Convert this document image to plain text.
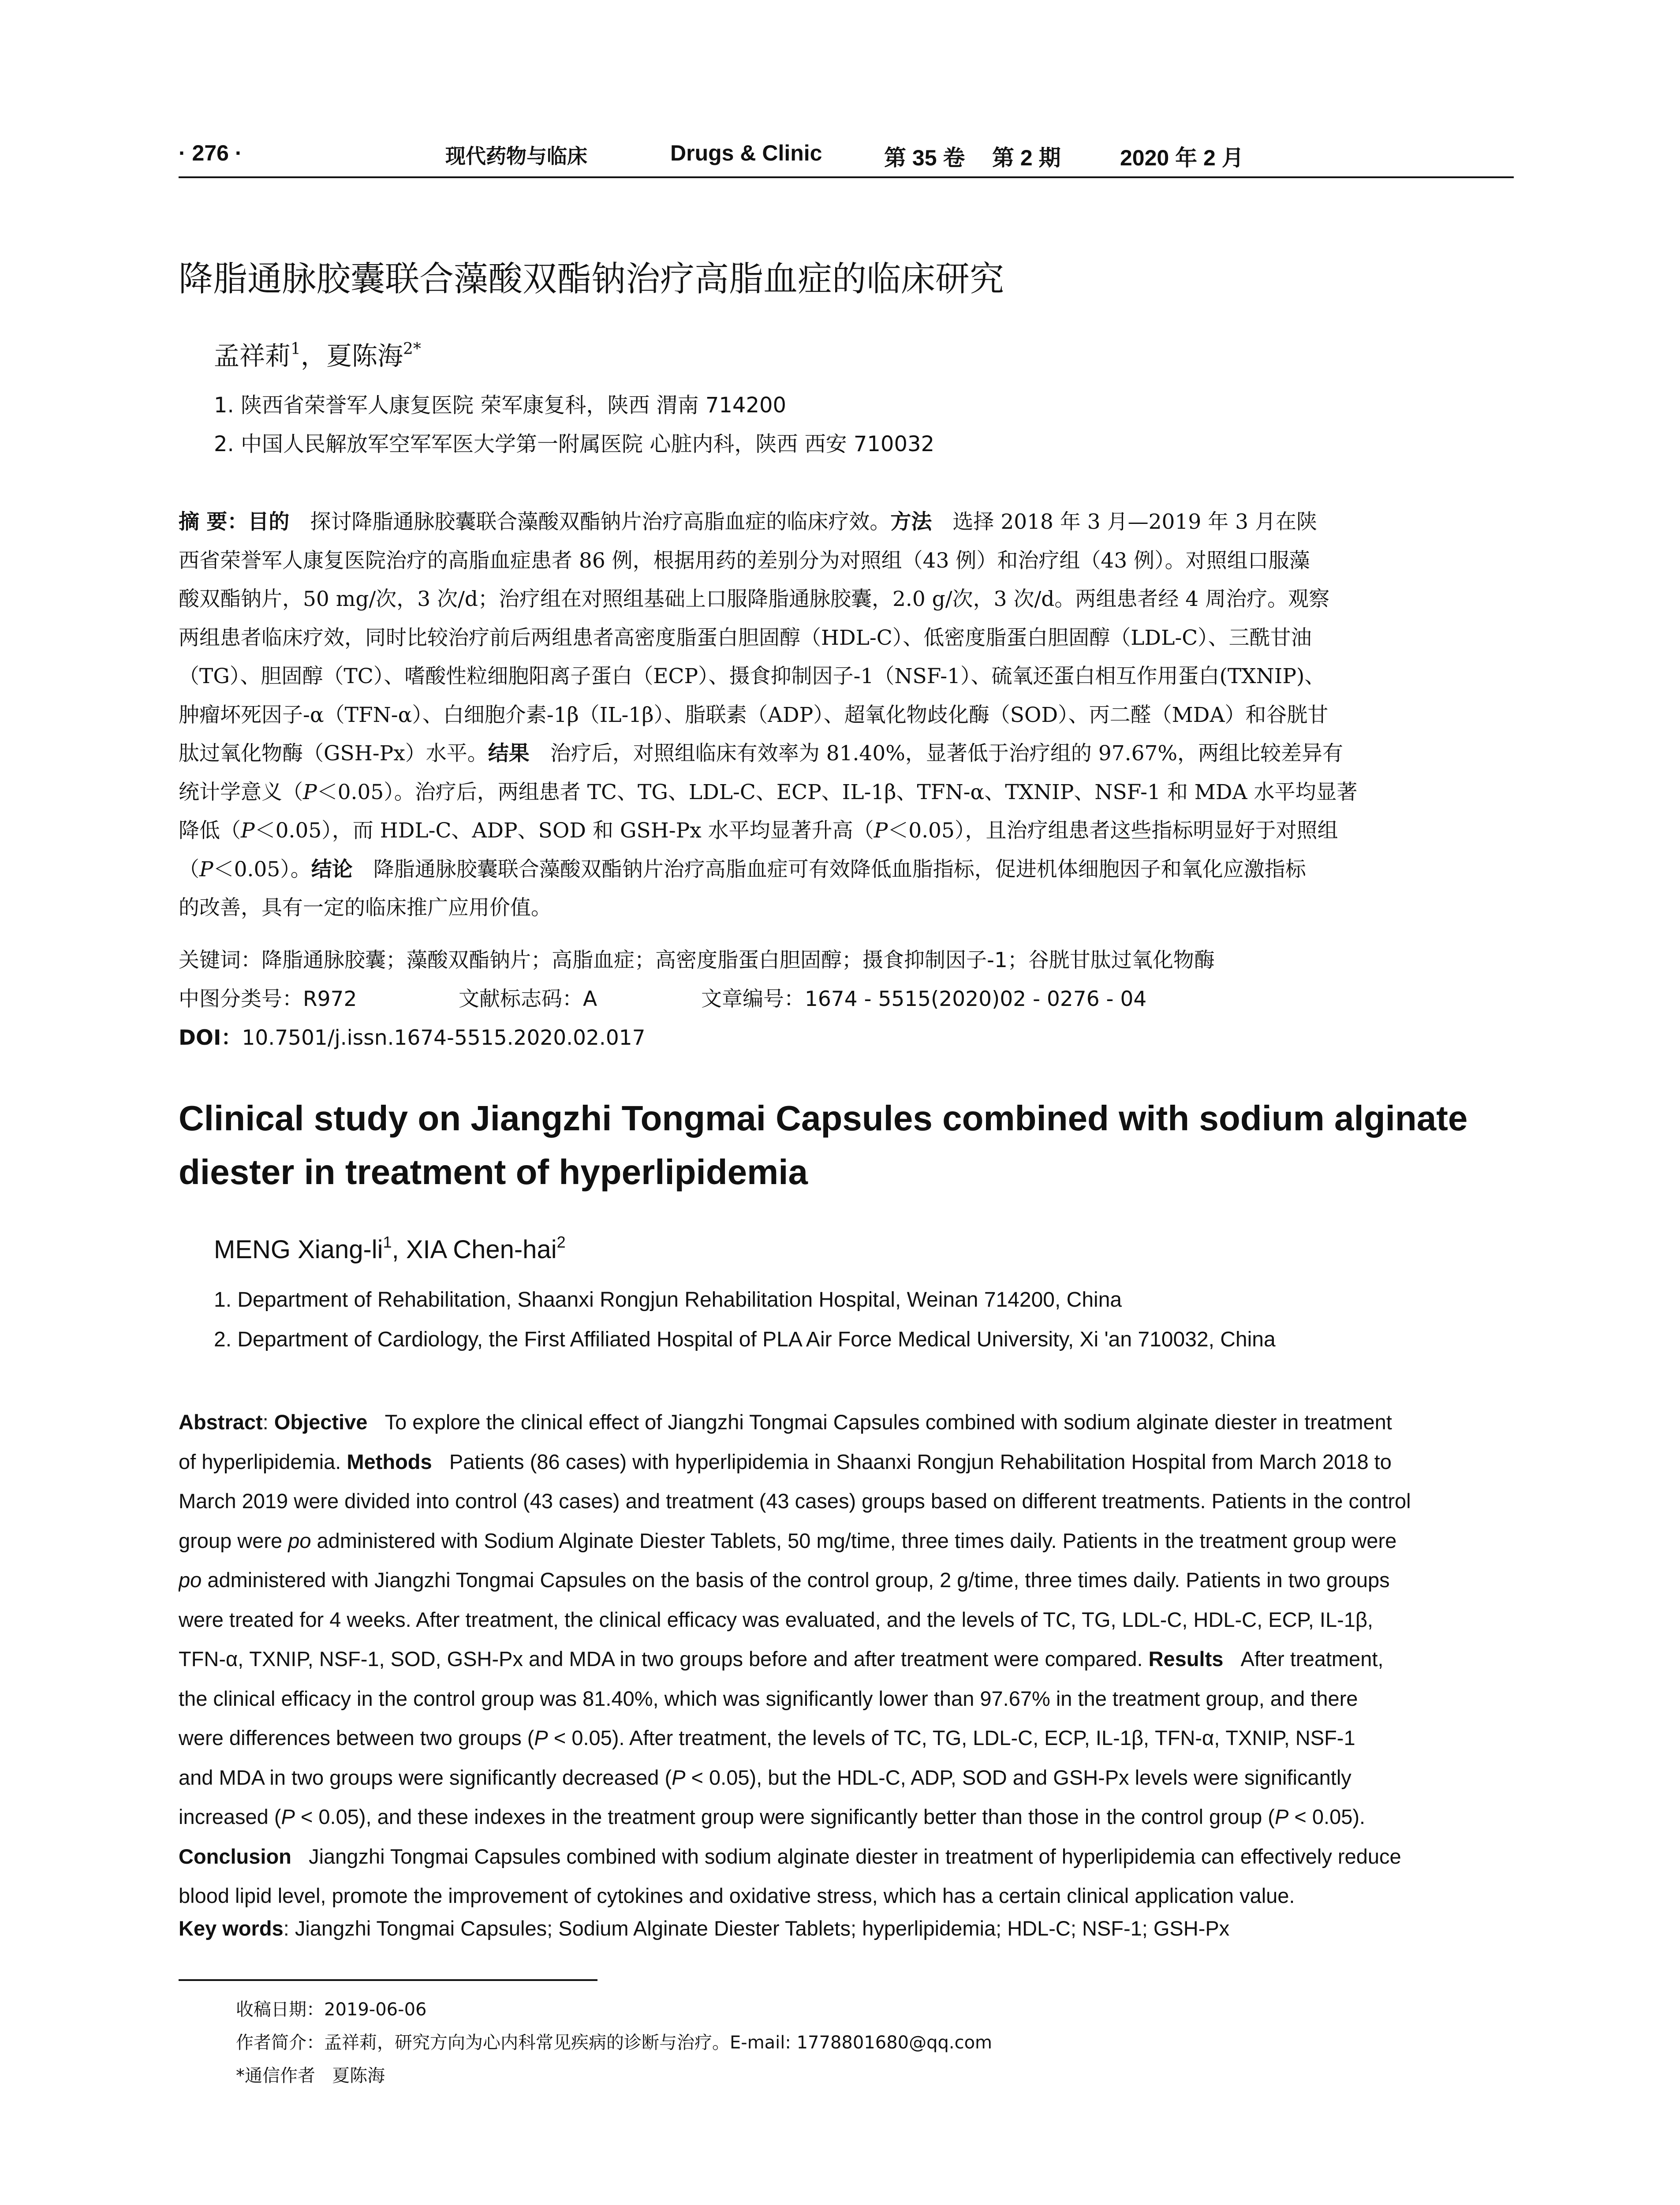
· 276 ·	现代药物与临床	Drugs & Clinic	第 35 卷 第 2 期	2020 年 2 月
降脂通脉胶囊联合藻酸双酯钠治疗高脂血症的临床研究
孟祥莉$^1$，夏陈海$^{2*}$
1. 陕西省荣誉军人康复医院 荣军康复科，陕西 渭南 714200
2. 中国人民解放军空军军医大学第一附属医院 心脏内科，陕西 西安 710032
摘 要：目的　 探讨降脂通脉胶囊联合藻酸双酯钠片治疗高脂血症的临床疗效。方法　 选择 2018 年 3 月—2019 年 3 月在陕
西省荣誉军人康复医院治疗的高脂血症患者 86 例，根据用药的差别分为对照组（43 例）和治疗组（43 例）。对照组口服藻
酸双酯钠片，50 mg/次，3 次/d；治疗组在对照组基础上口服降脂通脉胶囊，2.0 g/次，3 次/d。两组患者经 4 周治疗。观察
两组患者临床疗效，同时比较治疗前后两组患者高密度脂蛋白胆固醇（HDL-C）、低密度脂蛋白胆固醇（LDL-C）、三酰甘油
（TG）、胆固醇（TC）、嗜酸性粒细胞阳离子蛋白（ECP）、摄食抑制因子-1（NSF-1）、硫氧还蛋白相互作用蛋白(TXNIP)、
肿瘤坏死因子-α（TFN-α）、白细胞介素-1β（IL-1β）、脂联素（ADP）、超氧化物歧化酶（SOD）、丙二醛（MDA）和谷胱甘
肽过氧化物酶（GSH-Px）水平。结果　 治疗后，对照组临床有效率为 81.40%，显著低于治疗组的 97.67%，两组比较差异有
统计学意义（P＜0.05）。治疗后，两组患者 TC、TG、LDL-C、ECP、IL-1β、TFN-α、TXNIP、NSF-1 和 MDA 水平均显著
降低（P＜0.05），而 HDL-C、ADP、SOD 和 GSH-Px 水平均显著升高（P＜0.05），且治疗组患者这些指标明显好于对照组
（P＜0.05）。结论　 降脂通脉胶囊联合藻酸双酯钠片治疗高脂血症可有效降低血脂指标，促进机体细胞因子和氧化应激指标
的改善，具有一定的临床推广应用价值。
关键词：降脂通脉胶囊；藻酸双酯钠片；高脂血症；高密度脂蛋白胆固醇；摄食抑制因子-1；谷胱甘肽过氧化物酶
中图分类号：R972	文献标志码：A	文章编号：1674 - 5515(2020)02 - 0276 - 04
DOI：10.7501/j.issn.1674-5515.2020.02.017
Clinical study on Jiangzhi Tongmai Capsules combined with sodium alginate
diester in treatment of hyperlipidemia
MENG Xiang-$li^1$, XIA Chen-hai$^2$
1. Department of Rehabilitation, Shaanxi Rongjun Rehabilitation Hospital, Weinan 714200, China
2. Department of Cardiology, the First Affiliated Hospital of PLA Air Force Medical University, Xi 'an 710032, China
Abstract: Objective To explore the clinical effect of Jiangzhi Tongmai Capsules combined with sodium alginate diester in treatment
of hyperlipidemia. Methods Patients (86 cases) with hyperlipidemia in Shaanxi Rongjun Rehabilitation Hospital from March 2018 to
March 2019 were divided into control (43 cases) and treatment (43 cases) groups based on different treatments. Patients in the control
group were po administered with Sodium Alginate Diester Tablets, 50 mg/time, three times daily. Patients in the treatment group were
po administered with Jiangzhi Tongmai Capsules on the basis of the control group, 2 g/time, three times daily. Patients in two groups
were treated for 4 weeks. After treatment, the clinical efficacy was evaluated, and the levels of TC, TG, LDL-C, HDL-C, ECP, IL-1β,
TFN-α, TXNIP, NSF-1, SOD, GSH-Px and MDA in two groups before and after treatment were compared. Results After treatment,
the clinical efficacy in the control group was 81.40%, which was significantly lower than 97.67% in the treatment group, and there
were differences between two groups (P < 0.05). After treatment, the levels of TC, TG, LDL-C, ECP, IL-1β, TFN-α, TXNIP, NSF-1
and MDA in two groups were significantly decreased (P < 0.05), but the HDL-C, ADP, SOD and GSH-Px levels were significantly
increased (P < 0.05), and these indexes in the treatment group were significantly better than those in the control group (P < 0.05).
Conclusion Jiangzhi Tongmai Capsules combined with sodium alginate diester in treatment of hyperlipidemia can effectively reduce
blood lipid level, promote the improvement of cytokines and oxidative stress, which has a certain clinical application value.
Key words: Jiangzhi Tongmai Capsules; Sodium Alginate Diester Tablets; hyperlipidemia; HDL-C; NSF-1; GSH-Px
收稿日期：2019-06-06
作者简介：孟祥莉，研究方向为心内科常见疾病的诊断与治疗。E-mail: 1778801680@qq.com
*通信作者 夏陈海
